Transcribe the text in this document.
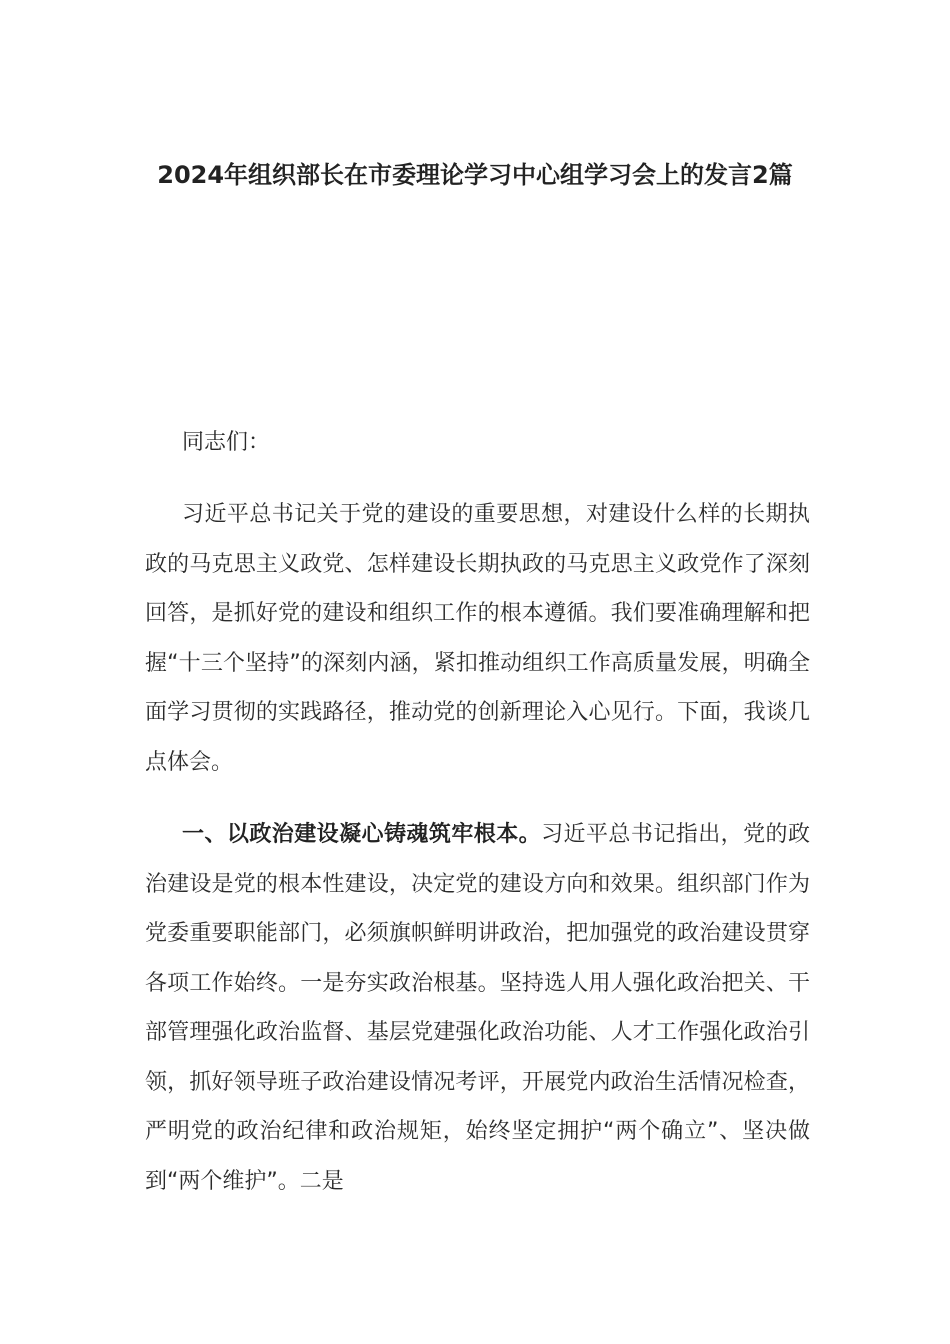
2024年组织部长在市委理论学习中心组学习会上的发言2篇

同志们：

习近平总书记关于党的建设的重要思想，对建设什么样的长期执政的马克思主义政党、怎样建设长期执政的马克思主义政党作了深刻回答，是抓好党的建设和组织工作的根本遵循。我们要准确理解和把握“十三个坚持”的深刻内涵，紧扣推动组织工作高质量发展，明确全面学习贯彻的实践路径，推动党的创新理论入心见行。下面，我谈几点体会。

一、以政治建设凝心铸魂筑牢根本。习近平总书记指出，党的政治建设是党的根本性建设，决定党的建设方向和效果。组织部门作为党委重要职能部门，必须旗帜鲜明讲政治，把加强党的政治建设贯穿各项工作始终。一是夯实政治根基。坚持选人用人强化政治把关、干部管理强化政治监督、基层党建强化政治功能、人才工作强化政治引领，抓好领导班子政治建设情况考评，开展党内政治生活情况检查，严明党的政治纪律和政治规矩，始终坚定拥护“两个确立”、坚决做到“两个维护”。二是
